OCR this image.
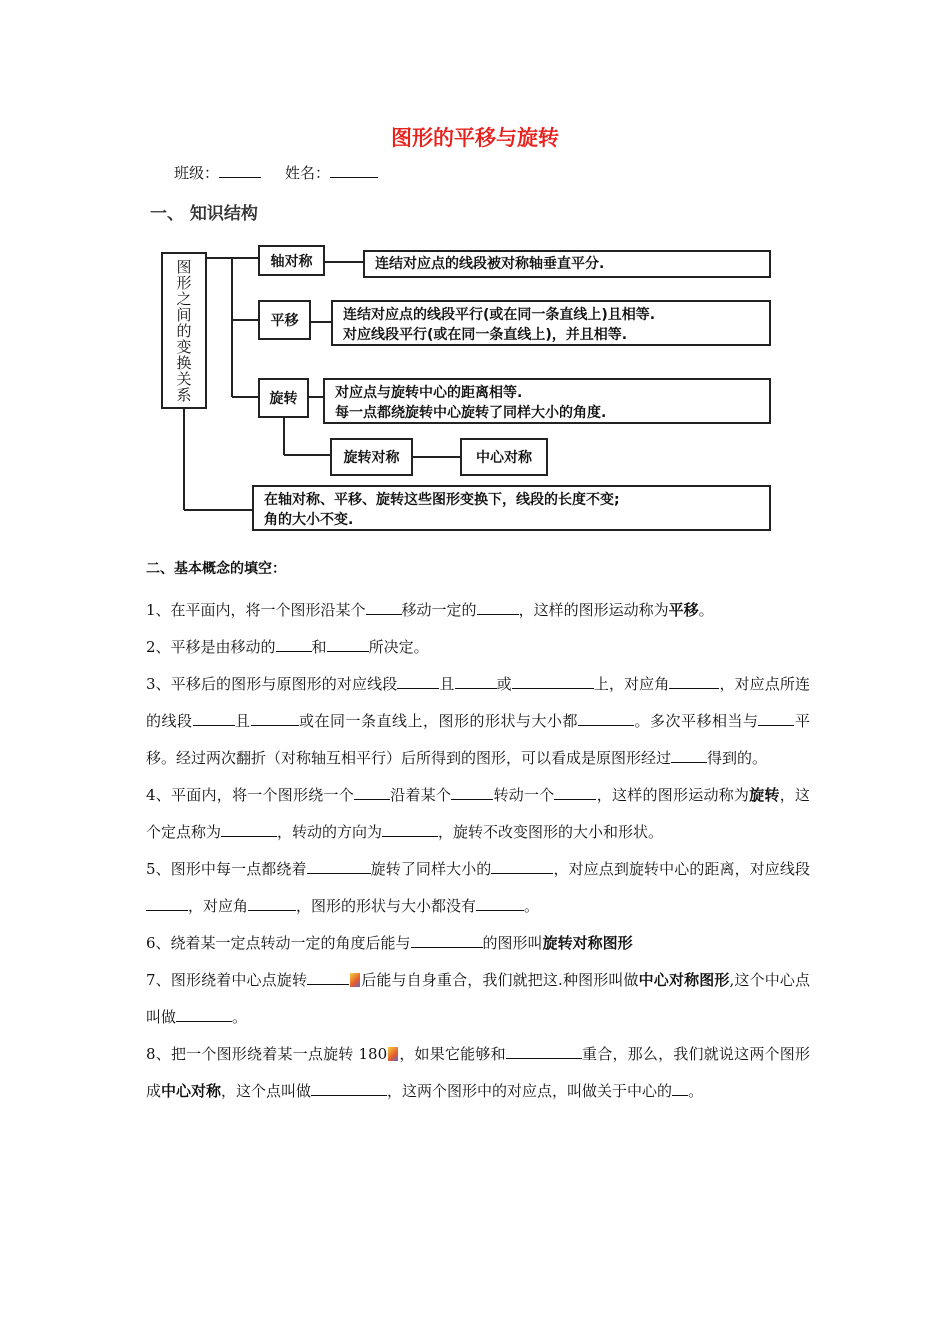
图形的平移与旋转
班级：	姓名：
一、 知识结构
图形之间的变换关系	轴对称	连结对应点的线段被对称轴垂直平分.
平移	连结对应点的线段平行(或在同一条直线上)且相等.
对应线段平行(或在同一条直线上)，并且相等.
旋转	对应点与旋转中心的距离相等.
每一点都绕旋转中心旋转了同样大小的角度.
旋转对称	中心对称
在轴对称、平移、旋转这些图形变换下，线段的长度不变;
角的大小不变.
二、基本概念的填空：
1、在平面内，将一个图形沿某个 移动一定的	，这样的图形运动称为平移。
2、平移是由移动的 和	所决定。
3、平移后的图形与原图形的对应线段	且	或	上，对应角	，对应点所连的线段	且	或在同一条直线上，图形的形状与大小都	。多次平移相当与 平移。经过两次翻折（对称轴互相平行）后所得到的图形，可以看成是原图形经过 得到的。
4、平面内，将一个图形绕一个 沿着某个	转动一个	，这样的图形运动称为旋转，这个定点称为	，转动的方向为	，旋转不改变图形的大小和形状。
5、图形中每一点都绕着	旋转了同样大小的	，对应点到旋转中心的距离，对应线段，对应角	，图形的形状与大小都没有	。
6、绕着某一定点转动一定的角度后能与	的图形叫旋转对称图形
7、图形绕着中心点旋转	后能与自身重合，我们就把这.种图形叫做中心对称图形,这个中心点叫做	。
8、把一个图形绕着某一点旋转 180 ，如果它能够和	重合，那么，我们就说这两个图形成中心对称，这个点叫做	，这两个图形中的对应点，叫做关于中心的 。
